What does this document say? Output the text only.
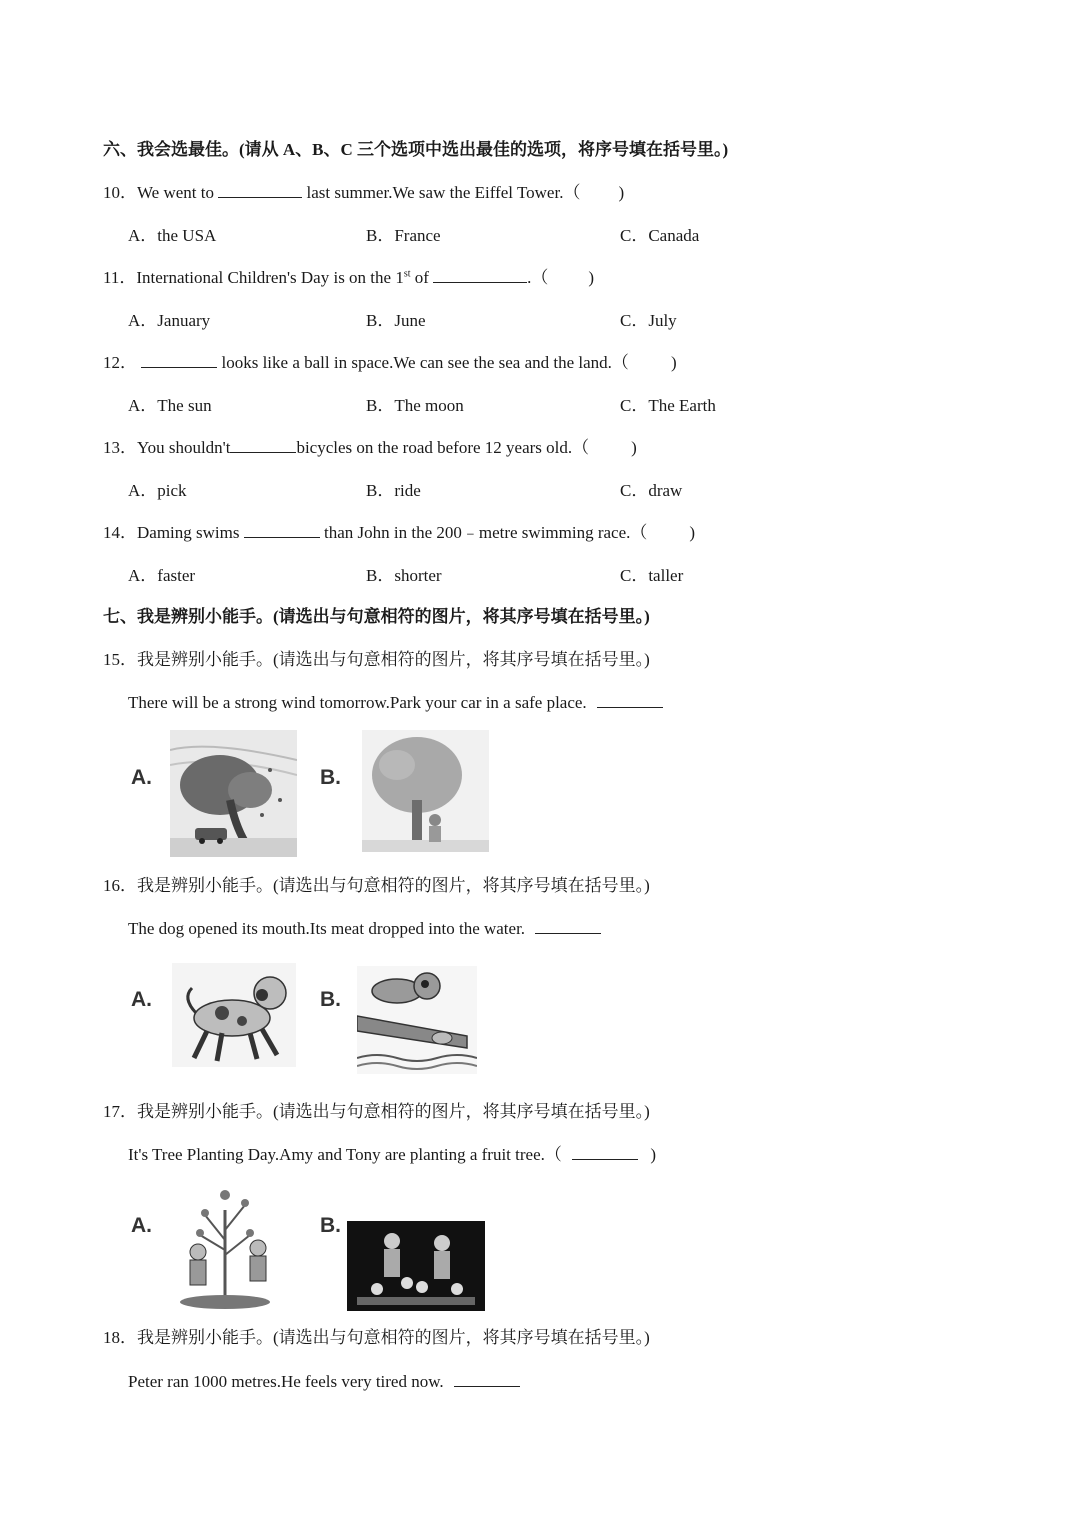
六、我会选最佳。(请从 A、B、C 三个选项中选出最佳的选项，将序号填在括号里。)
10．We went to	last summer.We saw the Eiffel Tower.（ )
A．the USA	B．France	C．Canada
11．International Children's Day is on the 1st of	.（ )
A．January	B．June	C．July
12．	looks like a ball in space.We can see the sea and the land.（ )
A．The sun	B．The moon	C．The Earth
13．You shouldn't	bicycles on the road before 12 years old.（ )
A．pick	B．ride	C．draw
14．Daming swims	than John in the 200﹣metre swimming race.（ )
A．faster	B．shorter	C．taller
七、我是辨别小能手。(请选出与句意相符的图片，将其序号填在括号里。)
15．我是辨别小能手。(请选出与句意相符的图片，将其序号填在括号里。)
There will be a strong wind tomorrow.Park your car in a safe place.
A.	B.
16．我是辨别小能手。(请选出与句意相符的图片，将其序号填在括号里。)
The dog opened its mouth.Its meat dropped into the water.
A.	B.
17．我是辨别小能手。(请选出与句意相符的图片，将其序号填在括号里。)
It's Tree Planting Day.Amy and Tony are planting a fruit tree.（	)
A.	B.
18．我是辨别小能手。(请选出与句意相符的图片，将其序号填在括号里。)
Peter ran 1000 metres.He feels very tired now.
